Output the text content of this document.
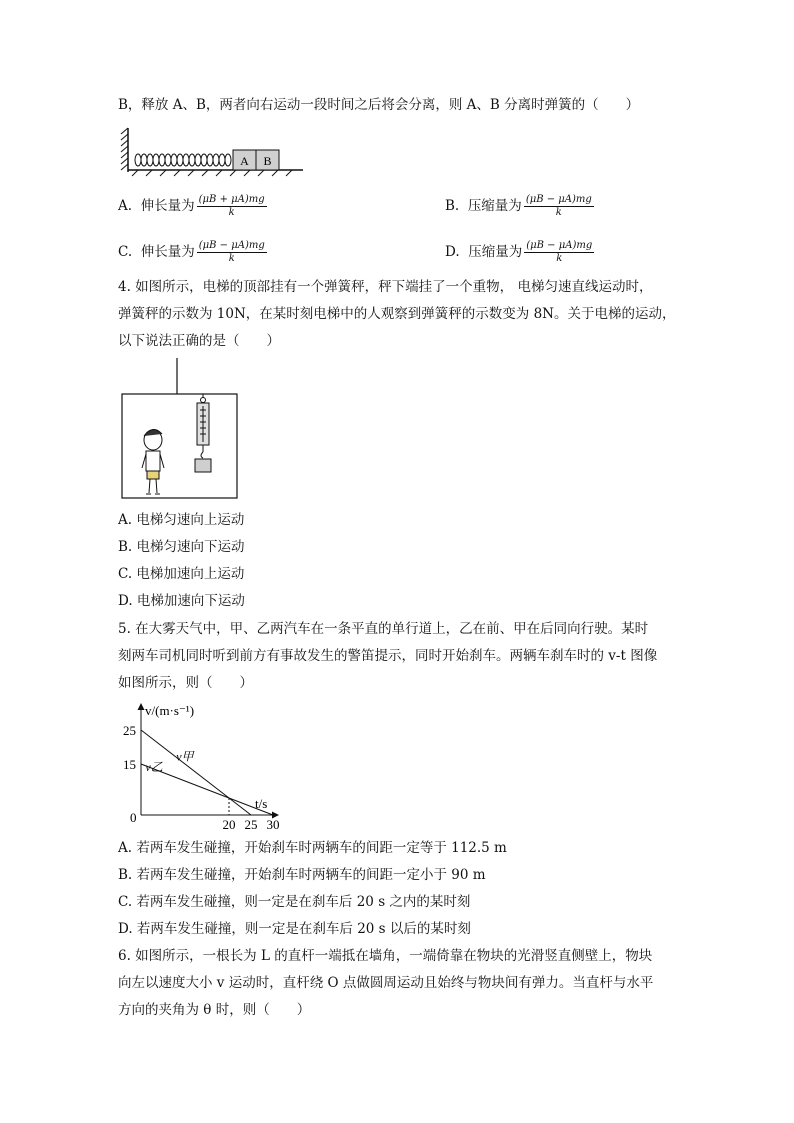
B，释放 A、B，两者向右运动一段时间之后将会分离，则 A、B 分离时弹簧的（　　）
A B
A. 伸长量为 $\frac{(\mu B + \mu A)mg}{k}$	B. 压缩量为 $\frac{(\mu B - \mu A)mg}{k}$
C. 伸长量为 $\frac{(\mu B - \mu A)mg}{k}$	D. 压缩量为 $\frac{(\mu B - \mu A)mg}{k}$
4. 如图所示，电梯的顶部挂有一个弹簧秤，秤下端挂了一个重物， 电梯匀速直线运动时，
弹簧秤的示数为 10N，在某时刻电梯中的人观察到弹簧秤的示数变为 8N。关于电梯的运动，
以下说法正确的是（　　）
A. 电梯匀速向上运动
B. 电梯匀速向下运动
C. 电梯加速向上运动
D. 电梯加速向下运动
5. 在大雾天气中，甲、乙两汽车在一条平直的单行道上，乙在前、甲在后同向行驶。某时
刻两车司机同时听到前方有事故发生的警笛提示，同时开始刹车。两辆车刹车时的 v-t 图像
如图所示，则（　　）
v/(m·s⁻¹)
t/s
0
25
15
20 25 30
v甲
v乙
A. 若两车发生碰撞，开始刹车时两辆车的间距一定等于 112.5 m
B. 若两车发生碰撞，开始刹车时两辆车的间距一定小于 90 m
C. 若两车发生碰撞，则一定是在刹车后 20 s 之内的某时刻
D. 若两车发生碰撞，则一定是在刹车后 20 s 以后的某时刻
6. 如图所示，一根长为 L 的直杆一端抵在墙角，一端倚靠在物块的光滑竖直侧壁上，物块
向左以速度大小 v 运动时，直杆绕 O 点做圆周运动且始终与物块间有弹力。当直杆与水平
方向的夹角为 θ 时，则（　　）
